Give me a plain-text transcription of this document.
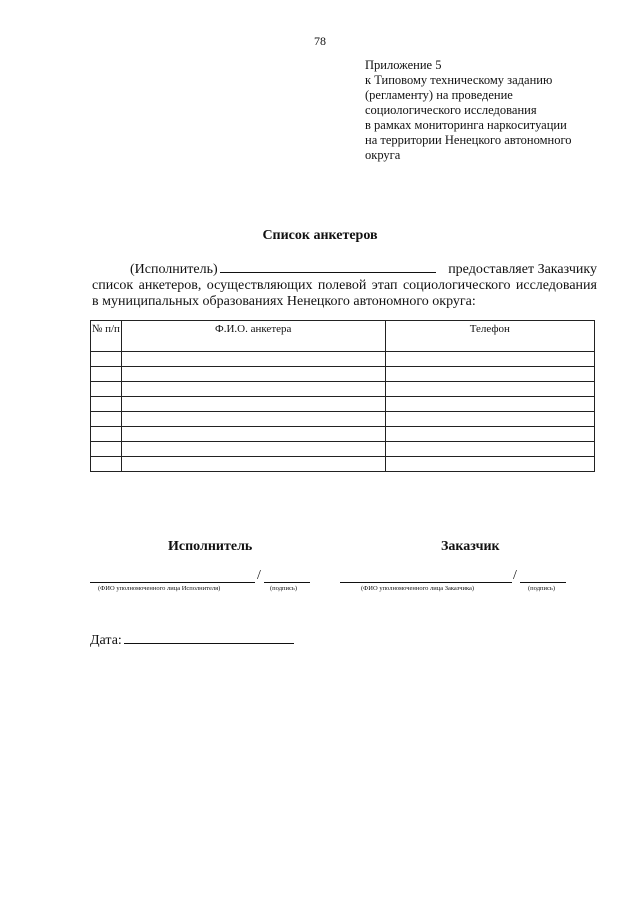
78
Приложение 5
к Типовому техническому заданию
(регламенту) на проведение
социологического исследования
в рамках мониторинга наркоситуации
на территории Ненецкого автономного
округа
Список анкетеров
(Исполнитель)	предоставляет Заказчику
список анкетеров, осуществляющих полевой этап социологического исследования
в муниципальных образованиях Ненецкого автономного округа:
№ п/п	Ф.И.О. анкетера	Телефон

Исполнитель
/
(ФИО уполномоченного лица Исполнителя)	(подпись)
Заказчик
/
(ФИО уполномоченного лица Заказчика)	(подпись)
Дата:
